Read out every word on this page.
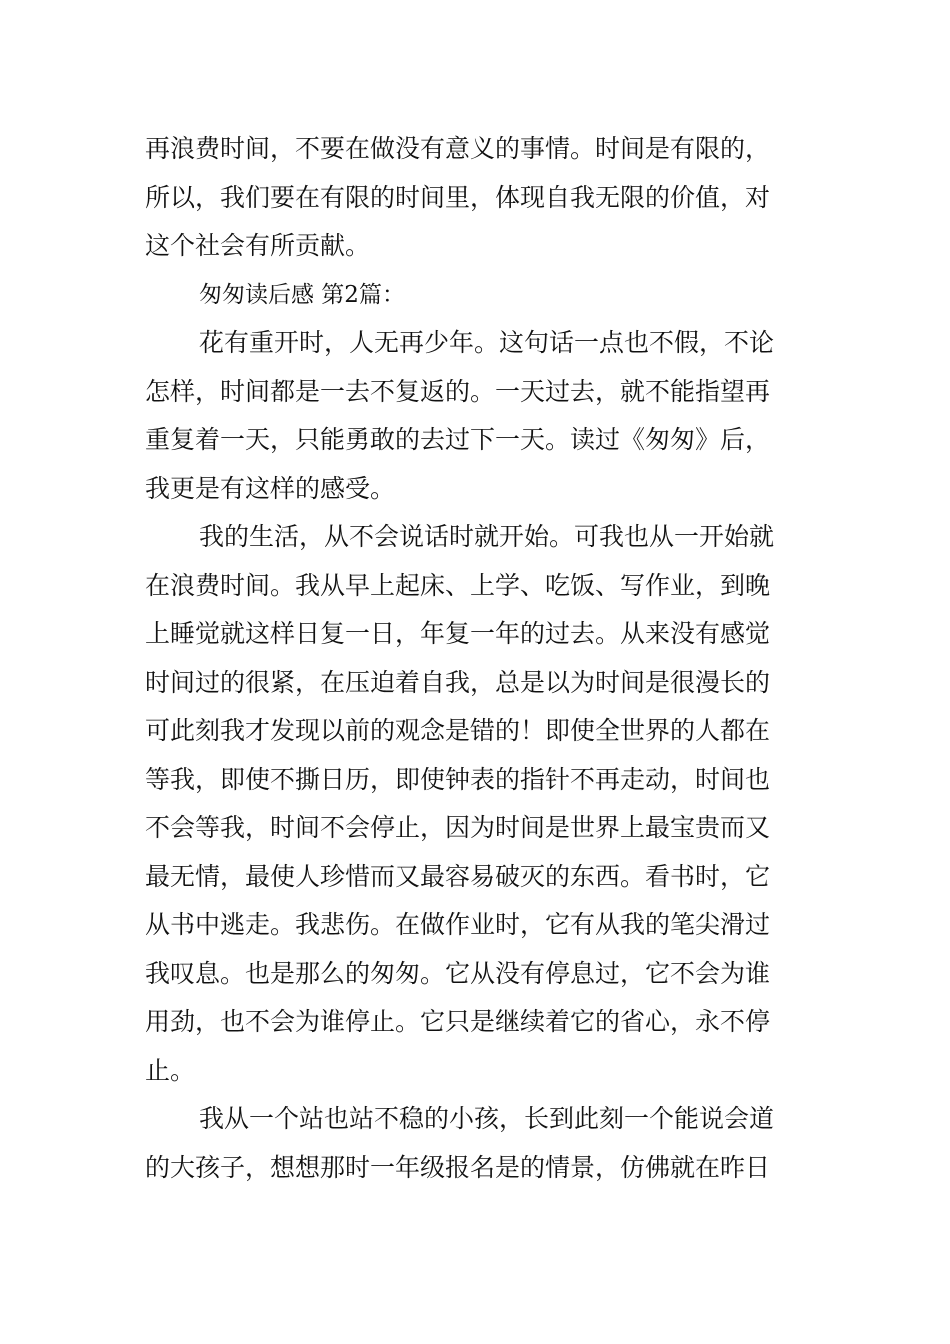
再浪费时间，不要在做没有意义的事情。时间是有限的，
所以，我们要在有限的时间里，体现自我无限的价值，对
这个社会有所贡献。
匆匆读后感 第2篇：
花有重开时，人无再少年。这句话一点也不假，不论
怎样，时间都是一去不复返的。一天过去，就不能指望再
重复着一天，只能勇敢的去过下一天。读过《匆匆》后，
我更是有这样的感受。
我的生活，从不会说话时就开始。可我也从一开始就
在浪费时间。我从早上起床、上学、吃饭、写作业，到晚
上睡觉就这样日复一日，年复一年的过去。从来没有感觉
时间过的很紧，在压迫着自我，总是以为时间是很漫长的
可此刻我才发现以前的观念是错的！即使全世界的人都在
等我，即使不撕日历，即使钟表的指针不再走动，时间也
不会等我，时间不会停止，因为时间是世界上最宝贵而又
最无情，最使人珍惜而又最容易破灭的东西。看书时，它
从书中逃走。我悲伤。在做作业时，它有从我的笔尖滑过
我叹息。也是那么的匆匆。它从没有停息过，它不会为谁
用劲，也不会为谁停止。它只是继续着它的省心，永不停
止。
我从一个站也站不稳的小孩，长到此刻一个能说会道
的大孩子，想想那时一年级报名是的情景，仿佛就在昨日
